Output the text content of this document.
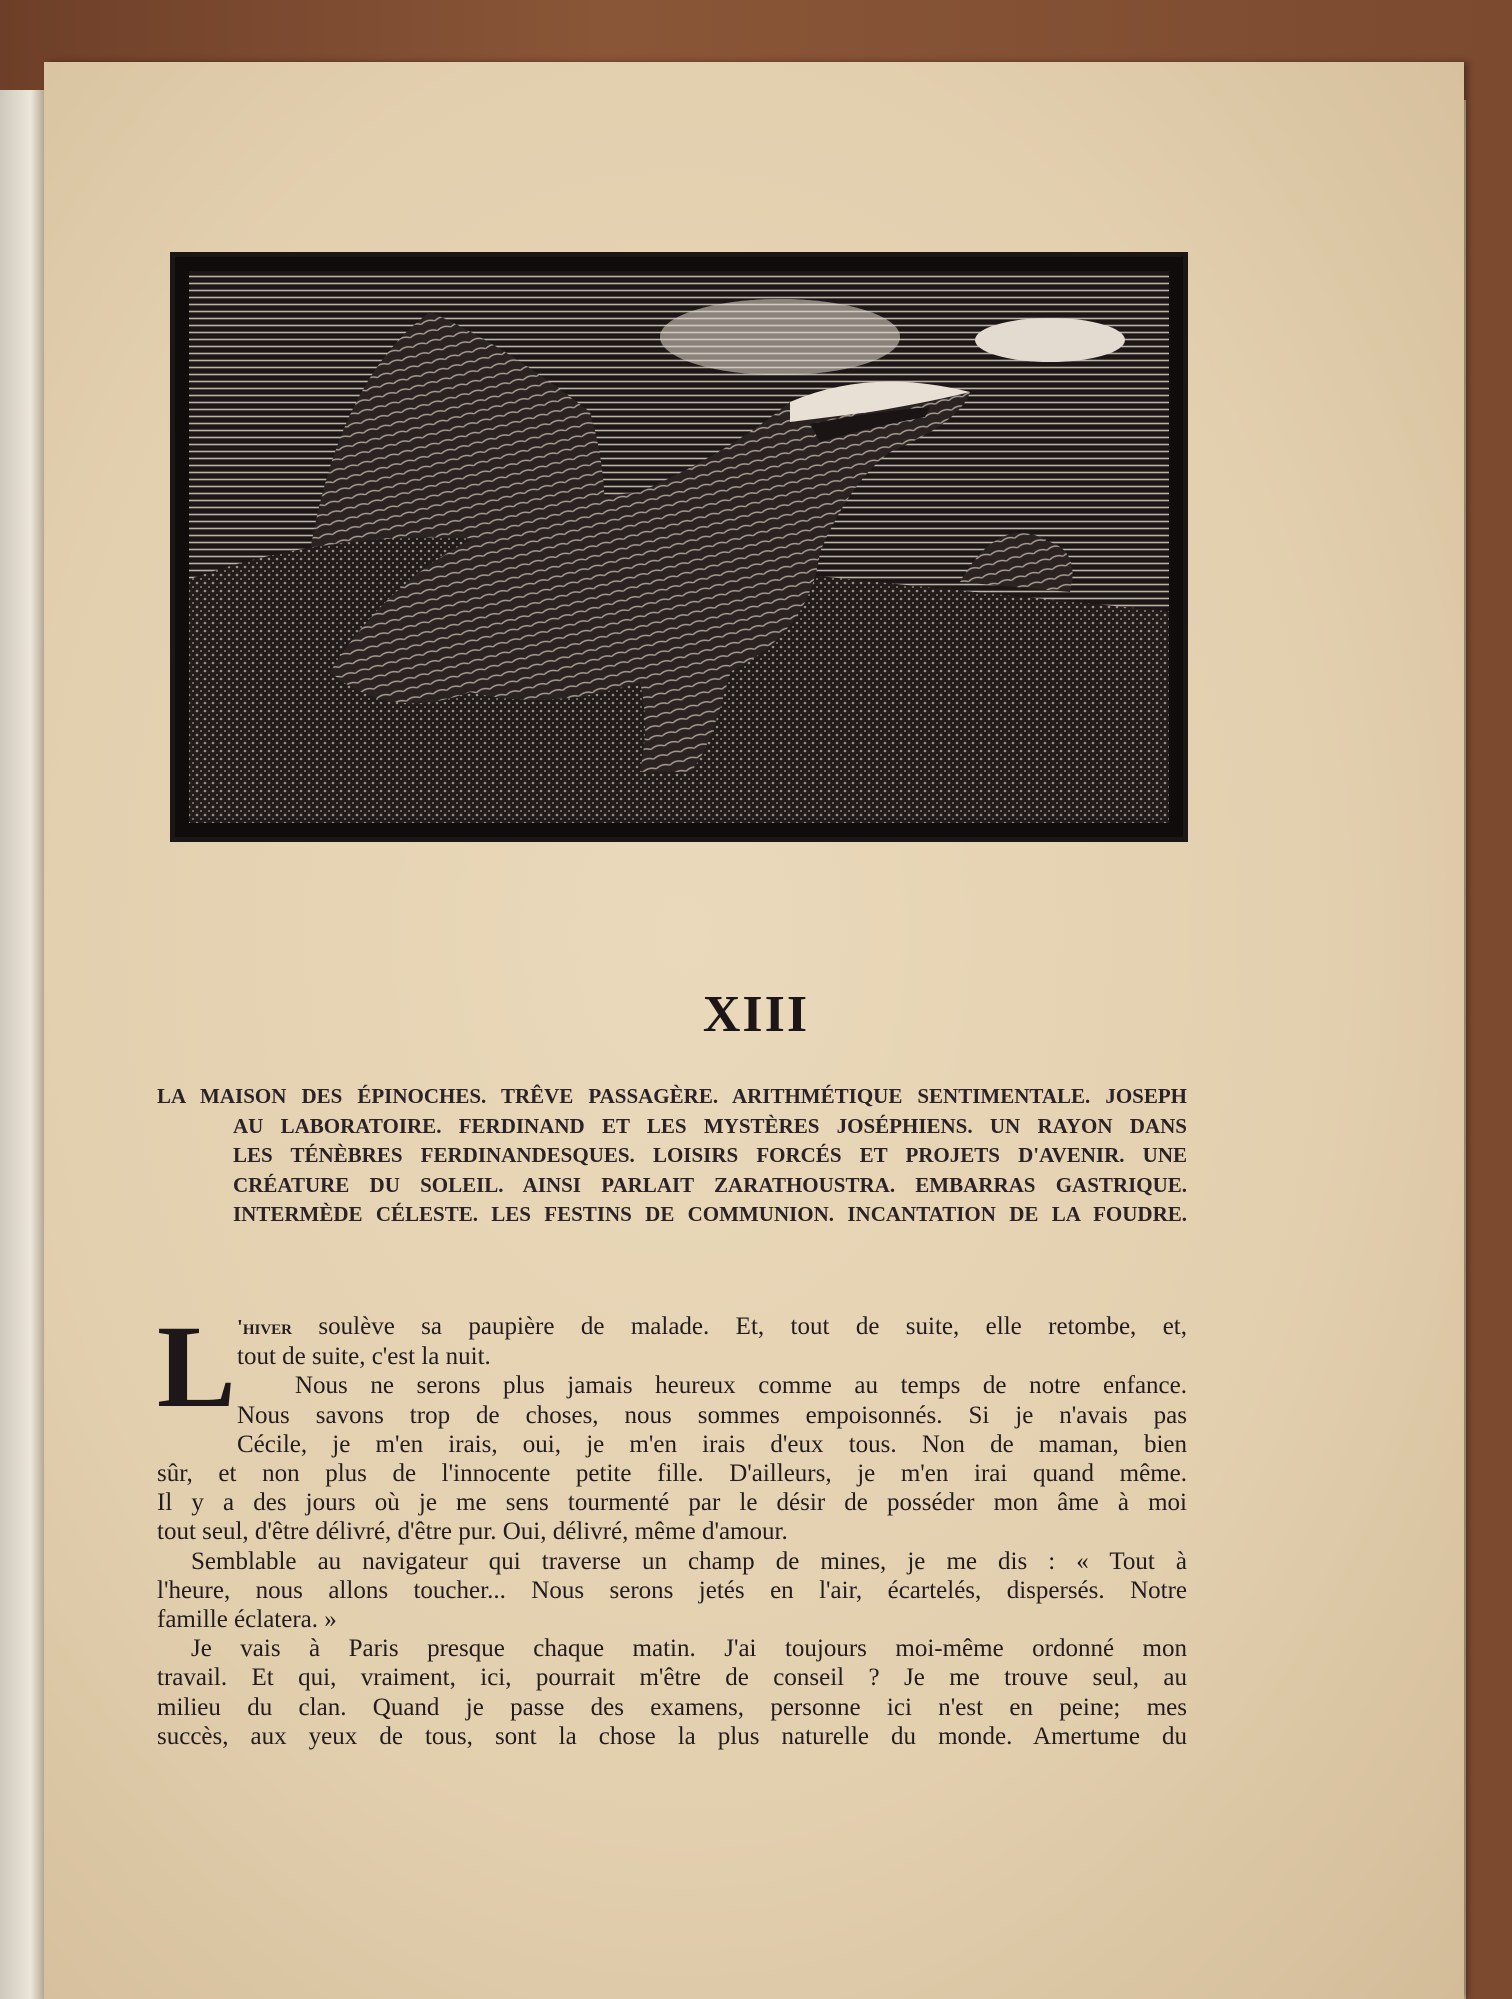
XIII
LA MAISON DES ÉPINOCHES. TRÊVE PASSAGÈRE. ARITHMÉTIQUE SENTIMENTALE. JOSEPH
AU LABORATOIRE. FERDINAND ET LES MYSTÈRES JOSÉPHIENS. UN RAYON DANS
LES TÉNÈBRES FERDINANDESQUES. LOISIRS FORCÉS ET PROJETS D'AVENIR. UNE
CRÉATURE DU SOLEIL. AINSI PARLAIT ZARATHOUSTRA. EMBARRAS GASTRIQUE.
INTERMÈDE CÉLESTE. LES FESTINS DE COMMUNION. INCANTATION DE LA FOUDRE.
L 'hiver soulève sa paupière de malade. Et, tout de suite, elle retombe, et,
tout de suite, c'est la nuit.
Nous ne serons plus jamais heureux comme au temps de notre enfance.
Nous savons trop de choses, nous sommes empoisonnés. Si je n'avais pas
Cécile, je m'en irais, oui, je m'en irais d'eux tous. Non de maman, bien
sûr, et non plus de l'innocente petite fille. D'ailleurs, je m'en irai quand même.
Il y a des jours où je me sens tourmenté par le désir de posséder mon âme à moi
tout seul, d'être délivré, d'être pur. Oui, délivré, même d'amour.
Semblable au navigateur qui traverse un champ de mines, je me dis : « Tout à
l'heure, nous allons toucher... Nous serons jetés en l'air, écartelés, dispersés. Notre
famille éclatera. »
Je vais à Paris presque chaque matin. J'ai toujours moi-même ordonné mon
travail. Et qui, vraiment, ici, pourrait m'être de conseil ? Je me trouve seul, au
milieu du clan. Quand je passe des examens, personne ici n'est en peine; mes
succès, aux yeux de tous, sont la chose la plus naturelle du monde. Amertume du
